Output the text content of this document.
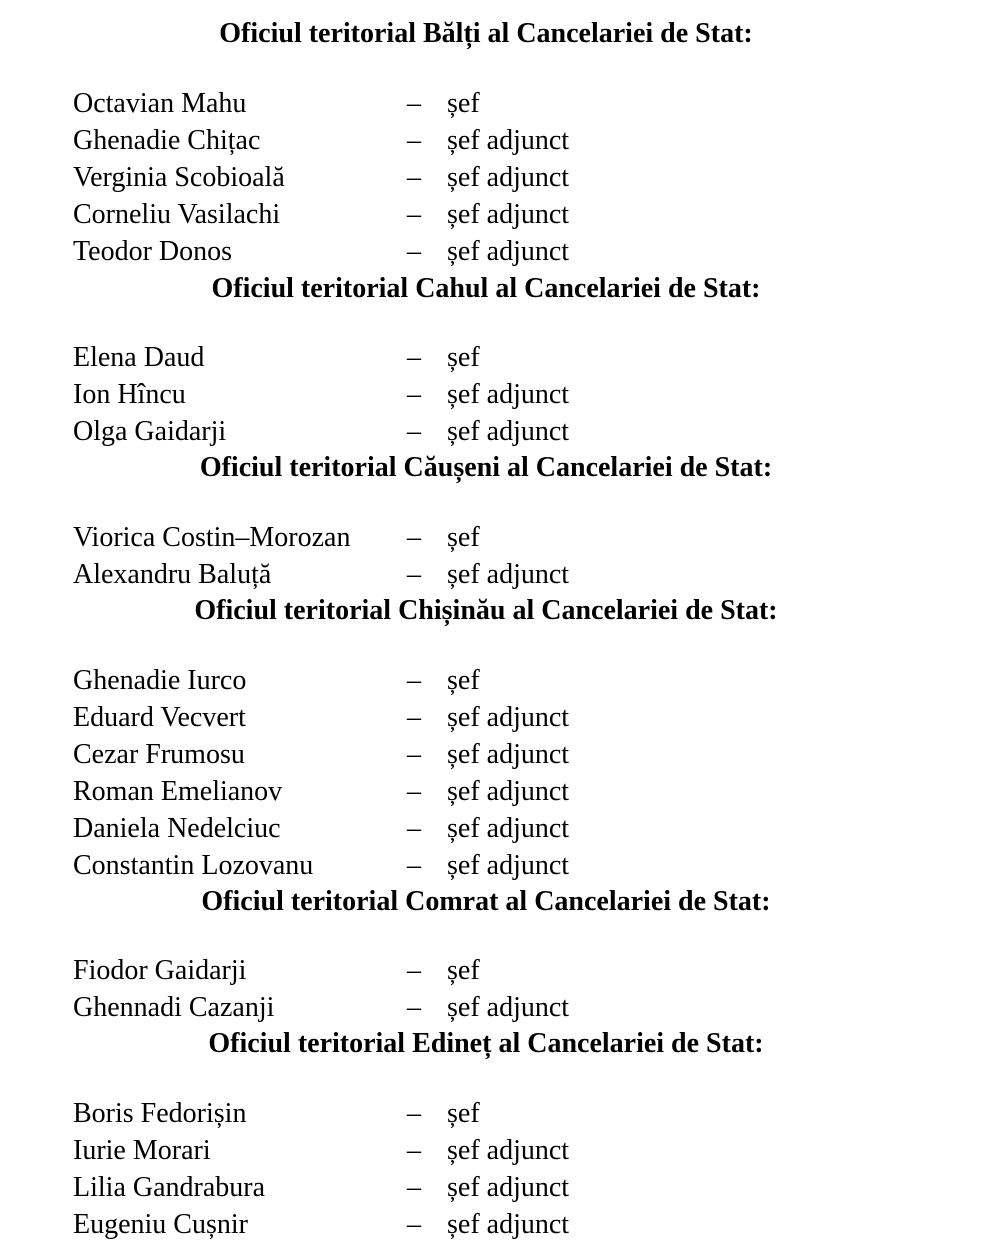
Oficiul teritorial Bălți al Cancelariei de Stat:
Octavian Mahu	– șef
Ghenadie Chițac	– șef adjunct
Verginia Scobioală	– șef adjunct
Corneliu Vasilachi	– șef adjunct
Teodor Donos	– șef adjunct
Oficiul teritorial Cahul al Cancelariei de Stat:
Elena Daud	– șef
Ion Hîncu	– șef adjunct
Olga Gaidarji	– șef adjunct
Oficiul teritorial Căușeni al Cancelariei de Stat:
Viorica Costin–Morozan – șef
Alexandru Baluță	– șef adjunct
Oficiul teritorial Chișinău al Cancelariei de Stat:
Ghenadie Iurco	– șef
Eduard Vecvert	– șef adjunct
Cezar Frumosu	– șef adjunct
Roman Emelianov	– șef adjunct
Daniela Nedelciuc	– șef adjunct
Constantin Lozovanu	– șef adjunct
Oficiul teritorial Comrat al Cancelariei de Stat:
Fiodor Gaidarji	– șef
Ghennadi Cazanji	– șef adjunct
Oficiul teritorial Edineț al Cancelariei de Stat:
Boris Fedorișin	– șef
Iurie Morari	– șef adjunct
Lilia Gandrabura	– șef adjunct
Eugeniu Cușnir	– șef adjunct
